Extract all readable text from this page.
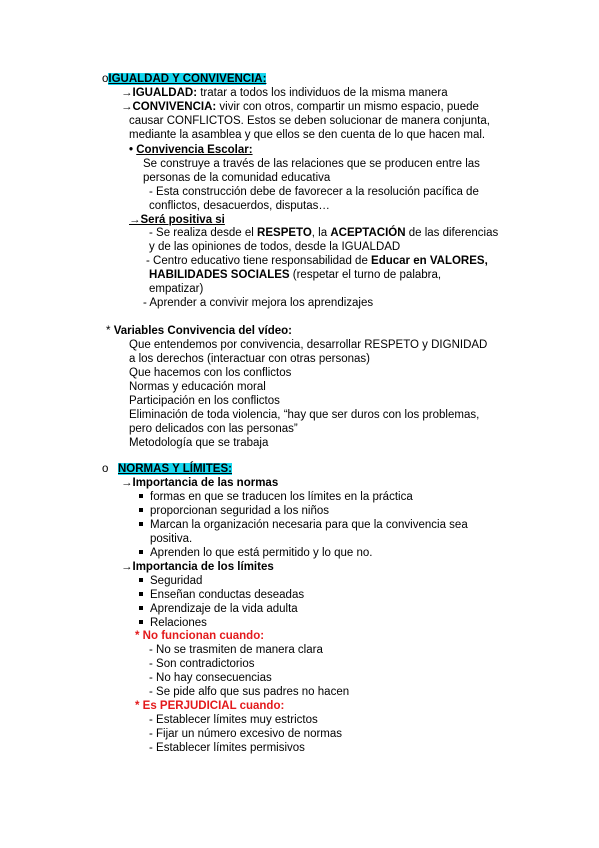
oIGUALDAD Y CONVIVENCIA:
→IGUALDAD: tratar a todos los individuos de la misma manera
→CONVIVENCIA: vivir con otros, compartir un mismo espacio, puede
causar CONFLICTOS. Estos se deben solucionar de manera conjunta,
mediante la asamblea y que ellos se den cuenta de lo que hacen mal.
• Convivencia Escolar:
Se construye a través de las relaciones que se producen entre las
personas de la comunidad educativa
- Esta construcción debe de favorecer a la resolución pacífica de
conflictos, desacuerdos, disputas…
→Será positiva si
- Se realiza desde el RESPETO, la ACEPTACIÓN de las diferencias
y de las opiniones de todos, desde la IGUALDAD
- Centro educativo tiene responsabilidad de Educar en VALORES,
HABILIDADES SOCIALES (respetar el turno de palabra,
empatizar)
- Aprender a convivir mejora los aprendizajes
* Variables Convivencia del vídeo:
Que entendemos por convivencia, desarrollar RESPETO y DIGNIDAD
a los derechos (interactuar con otras personas)
Que hacemos con los conflictos
Normas y educación moral
Participación en los conflictos
Eliminación de toda violencia, “hay que ser duros con los problemas,
pero delicados con las personas”
Metodología que se trabaja
o NORMAS Y LÍMITES:
→Importancia de las normas
formas en que se traducen los límites en la práctica
proporcionan seguridad a los niños
Marcan la organización necesaria para que la convivencia sea
positiva.
Aprenden lo que está permitido y lo que no.
→Importancia de los límites
Seguridad
Enseñan conductas deseadas
Aprendizaje de la vida adulta
Relaciones
* No funcionan cuando:
- No se trasmiten de manera clara
- Son contradictorios
- No hay consecuencias
- Se pide alfo que sus padres no hacen
* Es PERJUDICIAL cuando:
- Establecer límites muy estrictos
- Fijar un número excesivo de normas
- Establecer límites permisivos
